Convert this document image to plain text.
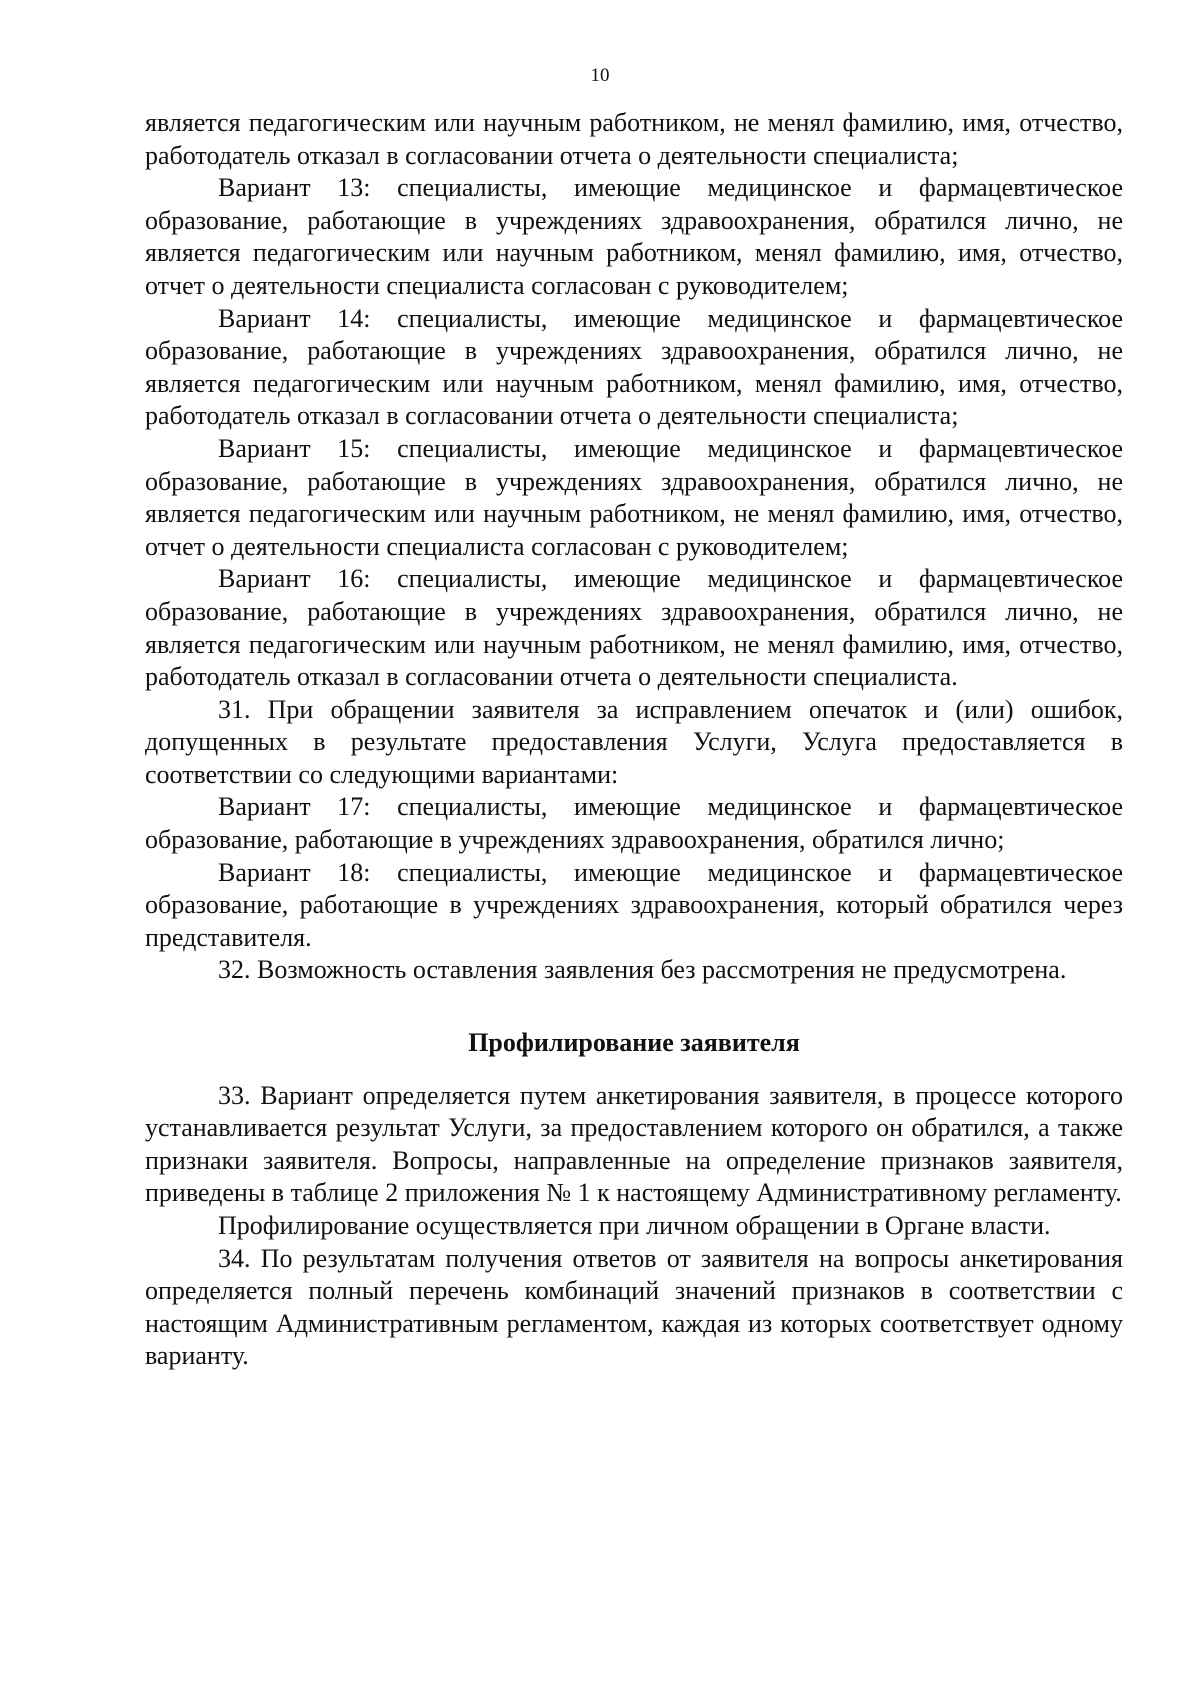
10

является педагогическим или научным работником, не менял фамилию, имя, отчество, работодатель отказал в согласовании отчета о деятельности специалиста;

Вариант 13: специалисты, имеющие медицинское и фармацевтическое образование, работающие в учреждениях здравоохранения, обратился лично, не является педагогическим или научным работником, менял фамилию, имя, отчество, отчет о деятельности специалиста согласован с руководителем;

Вариант 14: специалисты, имеющие медицинское и фармацевтическое образование, работающие в учреждениях здравоохранения, обратился лично, не является педагогическим или научным работником, менял фамилию, имя, отчество, работодатель отказал в согласовании отчета о деятельности специалиста;

Вариант 15: специалисты, имеющие медицинское и фармацевтическое образование, работающие в учреждениях здравоохранения, обратился лично, не является педагогическим или научным работником, не менял фамилию, имя, отчество, отчет о деятельности специалиста согласован с руководителем;

Вариант 16: специалисты, имеющие медицинское и фармацевтическое образование, работающие в учреждениях здравоохранения, обратился лично, не является педагогическим или научным работником, не менял фамилию, имя, отчество, работодатель отказал в согласовании отчета о деятельности специалиста.

31. При обращении заявителя за исправлением опечаток и (или) ошибок, допущенных в результате предоставления Услуги, Услуга предоставляется в соответствии со следующими вариантами:

Вариант 17: специалисты, имеющие медицинское и фармацевтическое образование, работающие в учреждениях здравоохранения, обратился лично;

Вариант 18: специалисты, имеющие медицинское и фармацевтическое образование, работающие в учреждениях здравоохранения, который обратился через представителя.

32. Возможность оставления заявления без рассмотрения не предусмотрена.

Профилирование заявителя

33. Вариант определяется путем анкетирования заявителя, в процессе которого устанавливается результат Услуги, за предоставлением которого он обратился, а также признаки заявителя. Вопросы, направленные на определение признаков заявителя, приведены в таблице 2 приложения № 1 к настоящему Административному регламенту.

Профилирование осуществляется при личном обращении в Органе власти.

34. По результатам получения ответов от заявителя на вопросы анкетирования определяется полный перечень комбинаций значений признаков в соответствии с настоящим Административным регламентом, каждая из которых соответствует одному варианту.
